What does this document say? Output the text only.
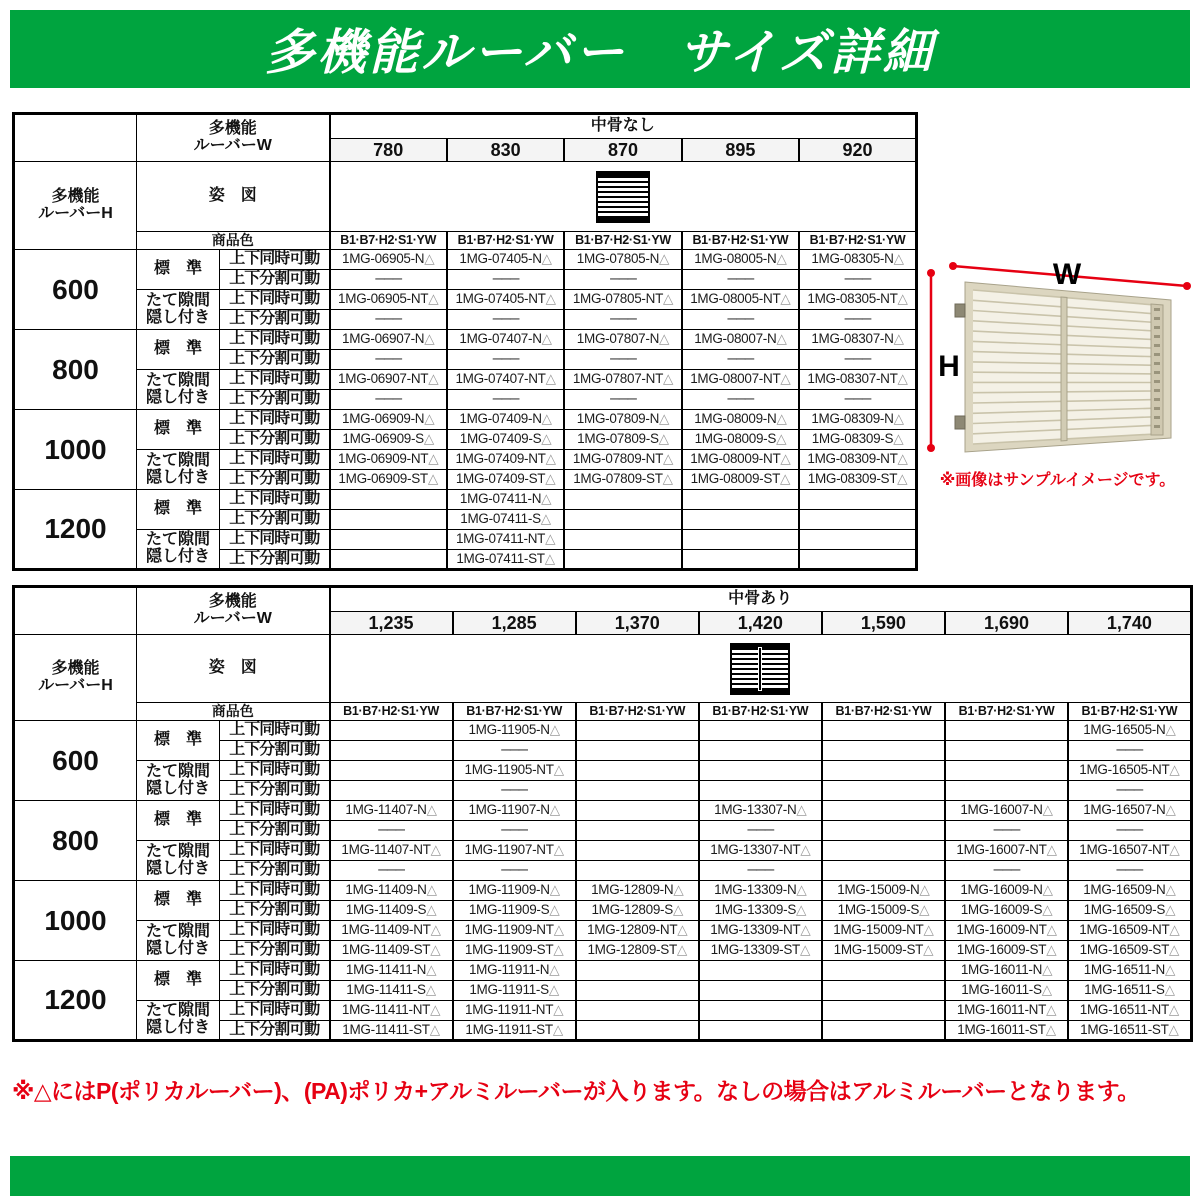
多機能ルーバー　サイズ詳細

	多機能
ルーバーW		中骨なし				
			780	830	870	895	920

多機能
ルーバーH	姿　図						

	商品色		B1·B7·H2·S1·YW	B1·B7·H2·S1·YW	B1·B7·H2·S1·YW	B1·B7·H2·S1·YW	B1·B7·H2·S1·YW
600	標　準	上下同時可動	1MG-06905-N△	1MG-07405-N△	1MG-07805-N△	1MG-08005-N△	1MG-08305-N△
		上下分割可動	───	───	───	───	───

	たて隙間
隠し付き	上下同時可動	1MG-06905-NT△	1MG-07405-NT△	1MG-07805-NT△	1MG-08005-NT△	1MG-08305-NT△
		上下分割可動	───	───	───	───	───
800	標　準	上下同時可動	1MG-06907-N△	1MG-07407-N△	1MG-07807-N△	1MG-08007-N△	1MG-08307-N△
		上下分割可動	───	───	───	───	───

	たて隙間
隠し付き	上下同時可動	1MG-06907-NT△	1MG-07407-NT△	1MG-07807-NT△	1MG-08007-NT△	1MG-08307-NT△
		上下分割可動	───	───	───	───	───
1000	標　準	上下同時可動	1MG-06909-N△	1MG-07409-N△	1MG-07809-N△	1MG-08009-N△	1MG-08309-N△
		上下分割可動	1MG-06909-S△	1MG-07409-S△	1MG-07809-S△	1MG-08009-S△	1MG-08309-S△

	たて隙間
隠し付き	上下同時可動	1MG-06909-NT△	1MG-07409-NT△	1MG-07809-NT△	1MG-08009-NT△	1MG-08309-NT△
		上下分割可動	1MG-06909-ST△	1MG-07409-ST△	1MG-07809-ST△	1MG-08009-ST△	1MG-08309-ST△
1200	標　準	上下同時可動		1MG-07411-N△			
		上下分割可動		1MG-07411-S△			

	たて隙間
隠し付き	上下同時可動		1MG-07411-NT△			
		上下分割可動		1MG-07411-ST△			

	多機能
ルーバーW		中骨あり						
			1,235	1,285	1,370	1,420	1,590	1,690	1,740

多機能
ルーバーH	姿　図								

	商品色		B1·B7·H2·S1·YW	B1·B7·H2·S1·YW	B1·B7·H2·S1·YW	B1·B7·H2·S1·YW	B1·B7·H2·S1·YW	B1·B7·H2·S1·YW	B1·B7·H2·S1·YW
600	標　準	上下同時可動		1MG-11905-N△					1MG-16505-N△
		上下分割可動		───					───

	たて隙間
隠し付き	上下同時可動		1MG-11905-NT△					1MG-16505-NT△
		上下分割可動		───					───
800	標　準	上下同時可動	1MG-11407-N△	1MG-11907-N△		1MG-13307-N△		1MG-16007-N△	1MG-16507-N△
		上下分割可動	───	───		───		───	───

	たて隙間
隠し付き	上下同時可動	1MG-11407-NT△	1MG-11907-NT△		1MG-13307-NT△		1MG-16007-NT△	1MG-16507-NT△
		上下分割可動	───	───		───		───	───
1000	標　準	上下同時可動	1MG-11409-N△	1MG-11909-N△	1MG-12809-N△	1MG-13309-N△	1MG-15009-N△	1MG-16009-N△	1MG-16509-N△
		上下分割可動	1MG-11409-S△	1MG-11909-S△	1MG-12809-S△	1MG-13309-S△	1MG-15009-S△	1MG-16009-S△	1MG-16509-S△

	たて隙間
隠し付き	上下同時可動	1MG-11409-NT△	1MG-11909-NT△	1MG-12809-NT△	1MG-13309-NT△	1MG-15009-NT△	1MG-16009-NT△	1MG-16509-NT△
		上下分割可動	1MG-11409-ST△	1MG-11909-ST△	1MG-12809-ST△	1MG-13309-ST△	1MG-15009-ST△	1MG-16009-ST△	1MG-16509-ST△
1200	標　準	上下同時可動	1MG-11411-N△	1MG-11911-N△				1MG-16011-N△	1MG-16511-N△
		上下分割可動	1MG-11411-S△	1MG-11911-S△				1MG-16011-S△	1MG-16511-S△

	たて隙間
隠し付き	上下同時可動	1MG-11411-NT△	1MG-11911-NT△				1MG-16011-NT△	1MG-16511-NT△
		上下分割可動	1MG-11411-ST△	1MG-11911-ST△				1MG-16011-ST△	1MG-16511-ST△
W
H
※画像はサンプルイメージです。

※△にはP(ポリカルーバー)、(PA)ポリカ+アルミルーバーが入ります。なしの場合はアルミルーバーとなります。
